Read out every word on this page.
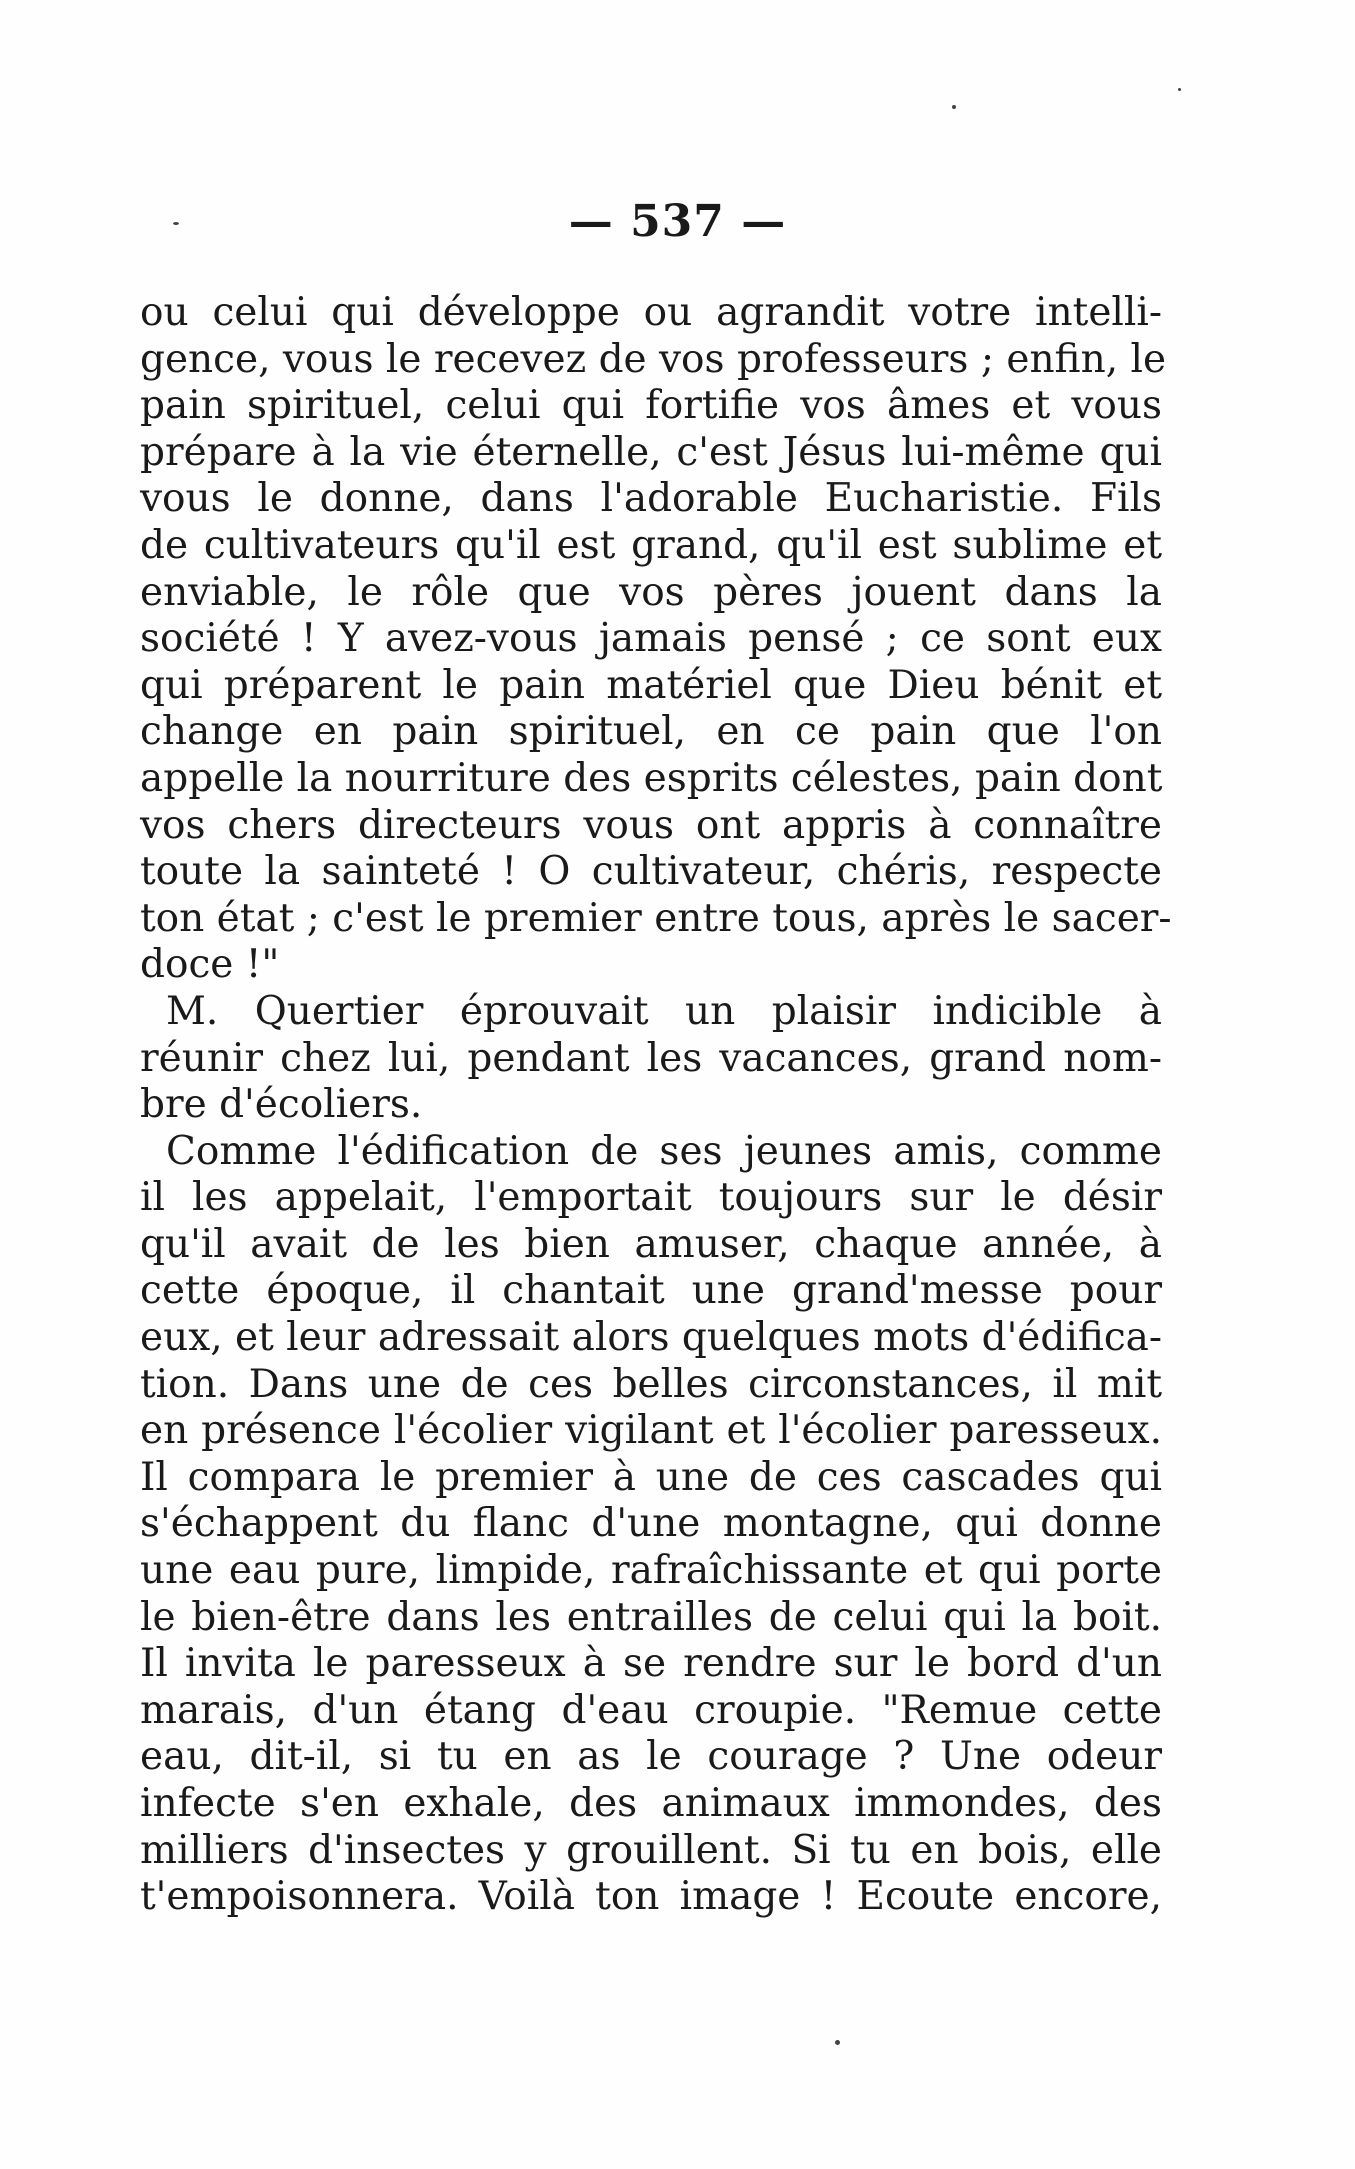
— 537 —
ou celui qui développe ou agrandit votre intelli-
gence, vous le recevez de vos professeurs ; enfin, le
pain spirituel, celui qui fortifie vos âmes et vous
prépare à la vie éternelle, c'est Jésus lui-même qui
vous le donne, dans l'adorable Eucharistie. Fils
de cultivateurs qu'il est grand, qu'il est sublime et
enviable, le rôle que vos pères jouent dans la
société ! Y avez-vous jamais pensé ; ce sont eux
qui préparent le pain matériel que Dieu bénit et
change en pain spirituel, en ce pain que l'on
appelle la nourriture des esprits célestes, pain dont
vos chers directeurs vous ont appris à connaître
toute la sainteté ! O cultivateur, chéris, respecte
ton état ; c'est le premier entre tous, après le sacer-
doce !"
M. Quertier éprouvait un plaisir indicible à
réunir chez lui, pendant les vacances, grand nom-
bre d'écoliers.
Comme l'édification de ses jeunes amis, comme
il les appelait, l'emportait toujours sur le désir
qu'il avait de les bien amuser, chaque année, à
cette époque, il chantait une grand'messe pour
eux, et leur adressait alors quelques mots d'édifica-
tion. Dans une de ces belles circonstances, il mit
en présence l'écolier vigilant et l'écolier paresseux.
Il compara le premier à une de ces cascades qui
s'échappent du flanc d'une montagne, qui donne
une eau pure, limpide, rafraîchissante et qui porte
le bien-être dans les entrailles de celui qui la boit.
Il invita le paresseux à se rendre sur le bord d'un
marais, d'un étang d'eau croupie. "Remue cette
eau, dit-il, si tu en as le courage ? Une odeur
infecte s'en exhale, des animaux immondes, des
milliers d'insectes y grouillent. Si tu en bois, elle
t'empoisonnera. Voilà ton image ! Ecoute encore,
